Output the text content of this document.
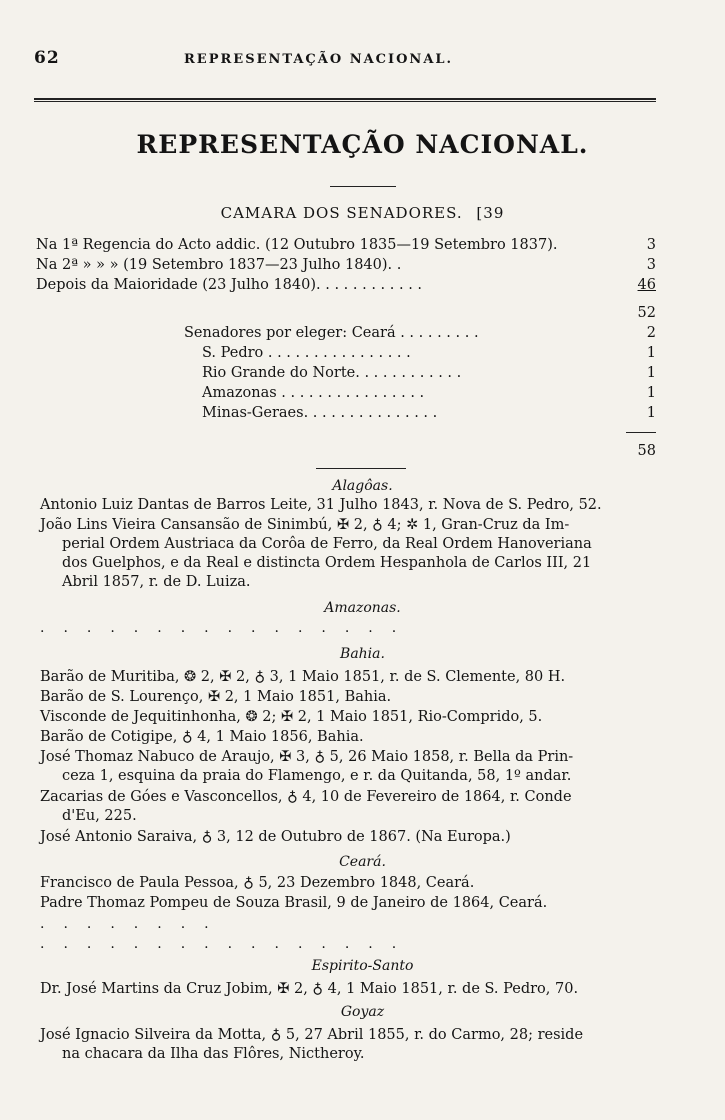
62	REPRESENTAÇÃO NACIONAL.
REPRESENTAÇÃO NACIONAL.
CAMARA DOS SENADORES. [39
Na 1ª Regencia do Acto addic. (12 Outubro 1835—19 Setembro 1837).	3
Na 2ª » » » (19 Setembro 1837—23 Julho 1840). .	3
Depois da Maioridade (23 Julho 1840). . . . . . . . . . . .	46
52
Senadores por eleger: Ceará . . . . . . . . .	2
S. Pedro . . . . . . . . . . . . . . . .	1
Rio Grande do Norte. . . . . . . . . . . .	1
Amazonas . . . . . . . . . . . . . . . .	1
Minas-Geraes. . . . . . . . . . . . . . .	1
58
Alagôas.
Antonio Luiz Dantas de Barros Leite, 31 Julho 1843, r. Nova de S. Pedro, 52.
João Lins Vieira Cansansão de Sinimbú, ✠ 2, ♁ 4; ✲ 1, Gran-Cruz da Im-
perial Ordem Austriaca da Corôa de Ferro, da Real Ordem Hanoveriana
dos Guelphos, e da Real e distincta Ordem Hespanhola de Carlos III, 21
Abril 1857, r. de D. Luiza.
Amazonas.
................
Bahia.
Barão de Muritiba, ❂ 2, ✠ 2, ♁ 3, 1 Maio 1851, r. de S. Clemente, 80 H.
Barão de S. Lourenço, ✠ 2, 1 Maio 1851, Bahia.
Visconde de Jequitinhonha, ❂ 2; ✠ 2, 1 Maio 1851, Rio-Comprido, 5.
Barão de Cotigipe, ♁ 4, 1 Maio 1856, Bahia.
José Thomaz Nabuco de Araujo, ✠ 3, ♁ 5, 26 Maio 1858, r. Bella da Prin-
ceza 1, esquina da praia do Flamengo, e r. da Quitanda, 58, 1º andar.
Zacarias de Góes e Vasconcellos, ♁ 4, 10 de Fevereiro de 1864, r. Conde
d'Eu, 225.
José Antonio Saraiva, ♁ 3, 12 de Outubro de 1867. (Na Europa.)
Ceará.
Francisco de Paula Pessoa, ♁ 5, 23 Dezembro 1848, Ceará.
Padre Thomaz Pompeu de Souza Brasil, 9 de Janeiro de 1864, Ceará.
........
................
Espirito-Santo
Dr. José Martins da Cruz Jobim, ✠ 2, ♁ 4, 1 Maio 1851, r. de S. Pedro, 70.
Goyaz
José Ignacio Silveira da Motta, ♁ 5, 27 Abril 1855, r. do Carmo, 28; reside
na chacara da Ilha das Flôres, Nictheroy.
